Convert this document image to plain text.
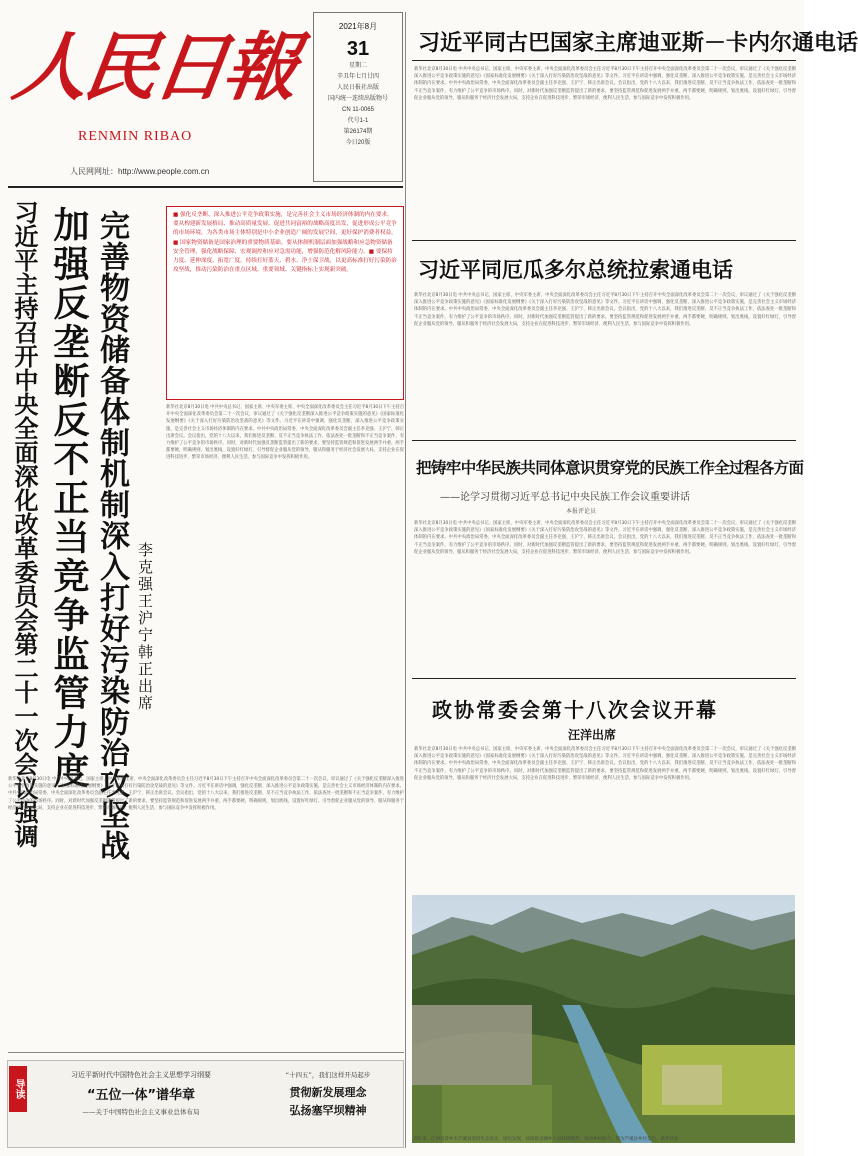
人民日報
RENMIN RIBAO
人民网网址：http://www.people.com.cn
2021年8月
31
星期二
辛丑年七月廿四
人民日报社出版
国内统一连续出版物号
CN 11-0065
代号1-1
第26174期
今日20版
习近平同古巴国家主席迪亚斯－卡内尔通电话
新华社北京8月30日电 中共中央总书记、国家主席、中央军委主席、中央全面深化改革委员会主任习近平8月30日下午主持召开中央全面深化改革委员会第二十一次会议，审议通过了《关于强化反垄断深入推进公平竞争政策实施的意见》《国家标准化发展纲要》《关于深入打好污染防治攻坚战的意见》等文件。习近平在讲话中强调，强化反垄断、深入推进公平竞争政策实施，是完善社会主义市场经济体制的内在要求。中共中央政治局常委、中央全面深化改革委员会副主任李克强、王沪宁、韩正出席会议。会议指出，党的十八大以来，我们推进反垄断、反不正当竞争执法工作，依法查处一批垄断和不正当竞争案件，有力维护了公平竞争的市场秩序。同时，对新时代加强反垄断监管提出了新的要求，要坚持监管规范和促进发展两手并重、两手都要硬，明确规则，划出底线，设置好红绿灯，引导督促企业服从党的领导，服从和服务于经济社会发展大局，支持企业在促进科技进步、繁荣市场经济、便利人民生活、参与国际竞争中发挥积极作用。
习近平主持召开中央全面深化改革委员会第二十一次会议强调 加强反垄断反不正当竞争监管力度 完善物资储备体制机制深入打好污染防治攻坚战 李克强王沪宁韩正出席

■ 强化反垄断、深入推进公平竞争政策实施，是完善社会主义市场经济体制的内在要求。要从构建新发展格局、推动高质量发展、促进共同富裕的战略高度出发，促进形成公平竞争的市场环境，为各类市场主体特别是中小企业创造广阔的发展空间，更好保护消费者权益。■ 国家物资储备是国家治理的重要物质基础。要从体制机制层面加强战略和应急物资储备安全管理，强化战略保障、宏观调控和应对急需功能，增强防范化解风险能力。■ 要保持力度、延伸深度、拓宽广度，持续打好蓝天、碧水、净土保卫战，以更高标准打好污染防治攻坚战，推动污染防治在重点区域、重要领域、关键指标上实现新突破。

新华社北京8月30日电 中共中央总书记、国家主席、中央军委主席、中央全面深化改革委员会主任习近平8月30日下午主持召开中央全面深化改革委员会第二十一次会议，审议通过了《关于强化反垄断深入推进公平竞争政策实施的意见》《国家标准化发展纲要》《关于深入打好污染防治攻坚战的意见》等文件。习近平在讲话中强调，强化反垄断、深入推进公平竞争政策实施，是完善社会主义市场经济体制的内在要求。中共中央政治局常委、中央全面深化改革委员会副主任李克强、王沪宁、韩正出席会议。会议指出，党的十八大以来，我们推进反垄断、反不正当竞争执法工作，依法查处一批垄断和不正当竞争案件，有力维护了公平竞争的市场秩序。同时，对新时代加强反垄断监管提出了新的要求，要坚持监管规范和促进发展两手并重、两手都要硬，明确规则，划出底线，设置好红绿灯，引导督促企业服从党的领导，服从和服务于经济社会发展大局，支持企业在促进科技进步、繁荣市场经济、便利人民生活、参与国际竞争中发挥积极作用。
新华社北京8月30日电 中共中央总书记、国家主席、中央军委主席、中央全面深化改革委员会主任习近平8月30日下午主持召开中央全面深化改革委员会第二十一次会议，审议通过了《关于强化反垄断深入推进公平竞争政策实施的意见》《国家标准化发展纲要》《关于深入打好污染防治攻坚战的意见》等文件。习近平在讲话中强调，强化反垄断、深入推进公平竞争政策实施，是完善社会主义市场经济体制的内在要求。中共中央政治局常委、中央全面深化改革委员会副主任李克强、王沪宁、韩正出席会议。会议指出，党的十八大以来，我们推进反垄断、反不正当竞争执法工作，依法查处一批垄断和不正当竞争案件，有力维护了公平竞争的市场秩序。同时，对新时代加强反垄断监管提出了新的要求，要坚持监管规范和促进发展两手并重、两手都要硬，明确规则，划出底线，设置好红绿灯，引导督促企业服从党的领导，服从和服务于经济社会发展大局，支持企业在促进科技进步、繁荣市场经济、便利人民生活、参与国际竞争中发挥积极作用。
习近平同厄瓜多尔总统拉索通电话
新华社北京8月30日电 中共中央总书记、国家主席、中央军委主席、中央全面深化改革委员会主任习近平8月30日下午主持召开中央全面深化改革委员会第二十一次会议，审议通过了《关于强化反垄断深入推进公平竞争政策实施的意见》《国家标准化发展纲要》《关于深入打好污染防治攻坚战的意见》等文件。习近平在讲话中强调，强化反垄断、深入推进公平竞争政策实施，是完善社会主义市场经济体制的内在要求。中共中央政治局常委、中央全面深化改革委员会副主任李克强、王沪宁、韩正出席会议。会议指出，党的十八大以来，我们推进反垄断、反不正当竞争执法工作，依法查处一批垄断和不正当竞争案件，有力维护了公平竞争的市场秩序。同时，对新时代加强反垄断监管提出了新的要求，要坚持监管规范和促进发展两手并重、两手都要硬，明确规则，划出底线，设置好红绿灯，引导督促企业服从党的领导，服从和服务于经济社会发展大局，支持企业在促进科技进步、繁荣市场经济、便利人民生活、参与国际竞争中发挥积极作用。
把铸牢中华民族共同体意识贯穿党的民族工作全过程各方面
——论学习贯彻习近平总书记中央民族工作会议重要讲话
本报评论员
新华社北京8月30日电 中共中央总书记、国家主席、中央军委主席、中央全面深化改革委员会主任习近平8月30日下午主持召开中央全面深化改革委员会第二十一次会议，审议通过了《关于强化反垄断深入推进公平竞争政策实施的意见》《国家标准化发展纲要》《关于深入打好污染防治攻坚战的意见》等文件。习近平在讲话中强调，强化反垄断、深入推进公平竞争政策实施，是完善社会主义市场经济体制的内在要求。中共中央政治局常委、中央全面深化改革委员会副主任李克强、王沪宁、韩正出席会议。会议指出，党的十八大以来，我们推进反垄断、反不正当竞争执法工作，依法查处一批垄断和不正当竞争案件，有力维护了公平竞争的市场秩序。同时，对新时代加强反垄断监管提出了新的要求，要坚持监管规范和促进发展两手并重、两手都要硬，明确规则，划出底线，设置好红绿灯，引导督促企业服从党的领导，服从和服务于经济社会发展大局，支持企业在促进科技进步、繁荣市场经济、便利人民生活、参与国际竞争中发挥积极作用。
政协常委会第十八次会议开幕
汪洋出席
新华社北京8月30日电 中共中央总书记、国家主席、中央军委主席、中央全面深化改革委员会主任习近平8月30日下午主持召开中央全面深化改革委员会第二十一次会议，审议通过了《关于强化反垄断深入推进公平竞争政策实施的意见》《国家标准化发展纲要》《关于深入打好污染防治攻坚战的意见》等文件。习近平在讲话中强调，强化反垄断、深入推进公平竞争政策实施，是完善社会主义市场经济体制的内在要求。中共中央政治局常委、中央全面深化改革委员会副主任李克强、王沪宁、韩正出席会议。会议指出，党的十八大以来，我们推进反垄断、反不正当竞争执法工作，依法查处一批垄断和不正当竞争案件，有力维护了公平竞争的市场秩序。同时，对新时代加强反垄断监管提出了新的要求，要坚持监管规范和促进发展两手并重、两手都要硬，明确规则，划出底线，设置好红绿灯，引导督促企业服从党的领导，服从和服务于经济社会发展大局，支持企业在促进科技进步、繁荣市场经济、便利人民生活、参与国际竞争中发挥积极作用。
近年来，江西省萍乡市芦溪县坚持生态优先、绿色发展，持续推进城乡人居环境整治，推动乡村振兴。图为芦溪县乡村景色。新华社发
导读
习近平新时代中国特色社会主义思想学习纲要
“五位一体”谱华章
——关于中国特色社会主义事业总体布局
“十四五”，我们这样开局起步
贯彻新发展理念
弘扬塞罕坝精神
